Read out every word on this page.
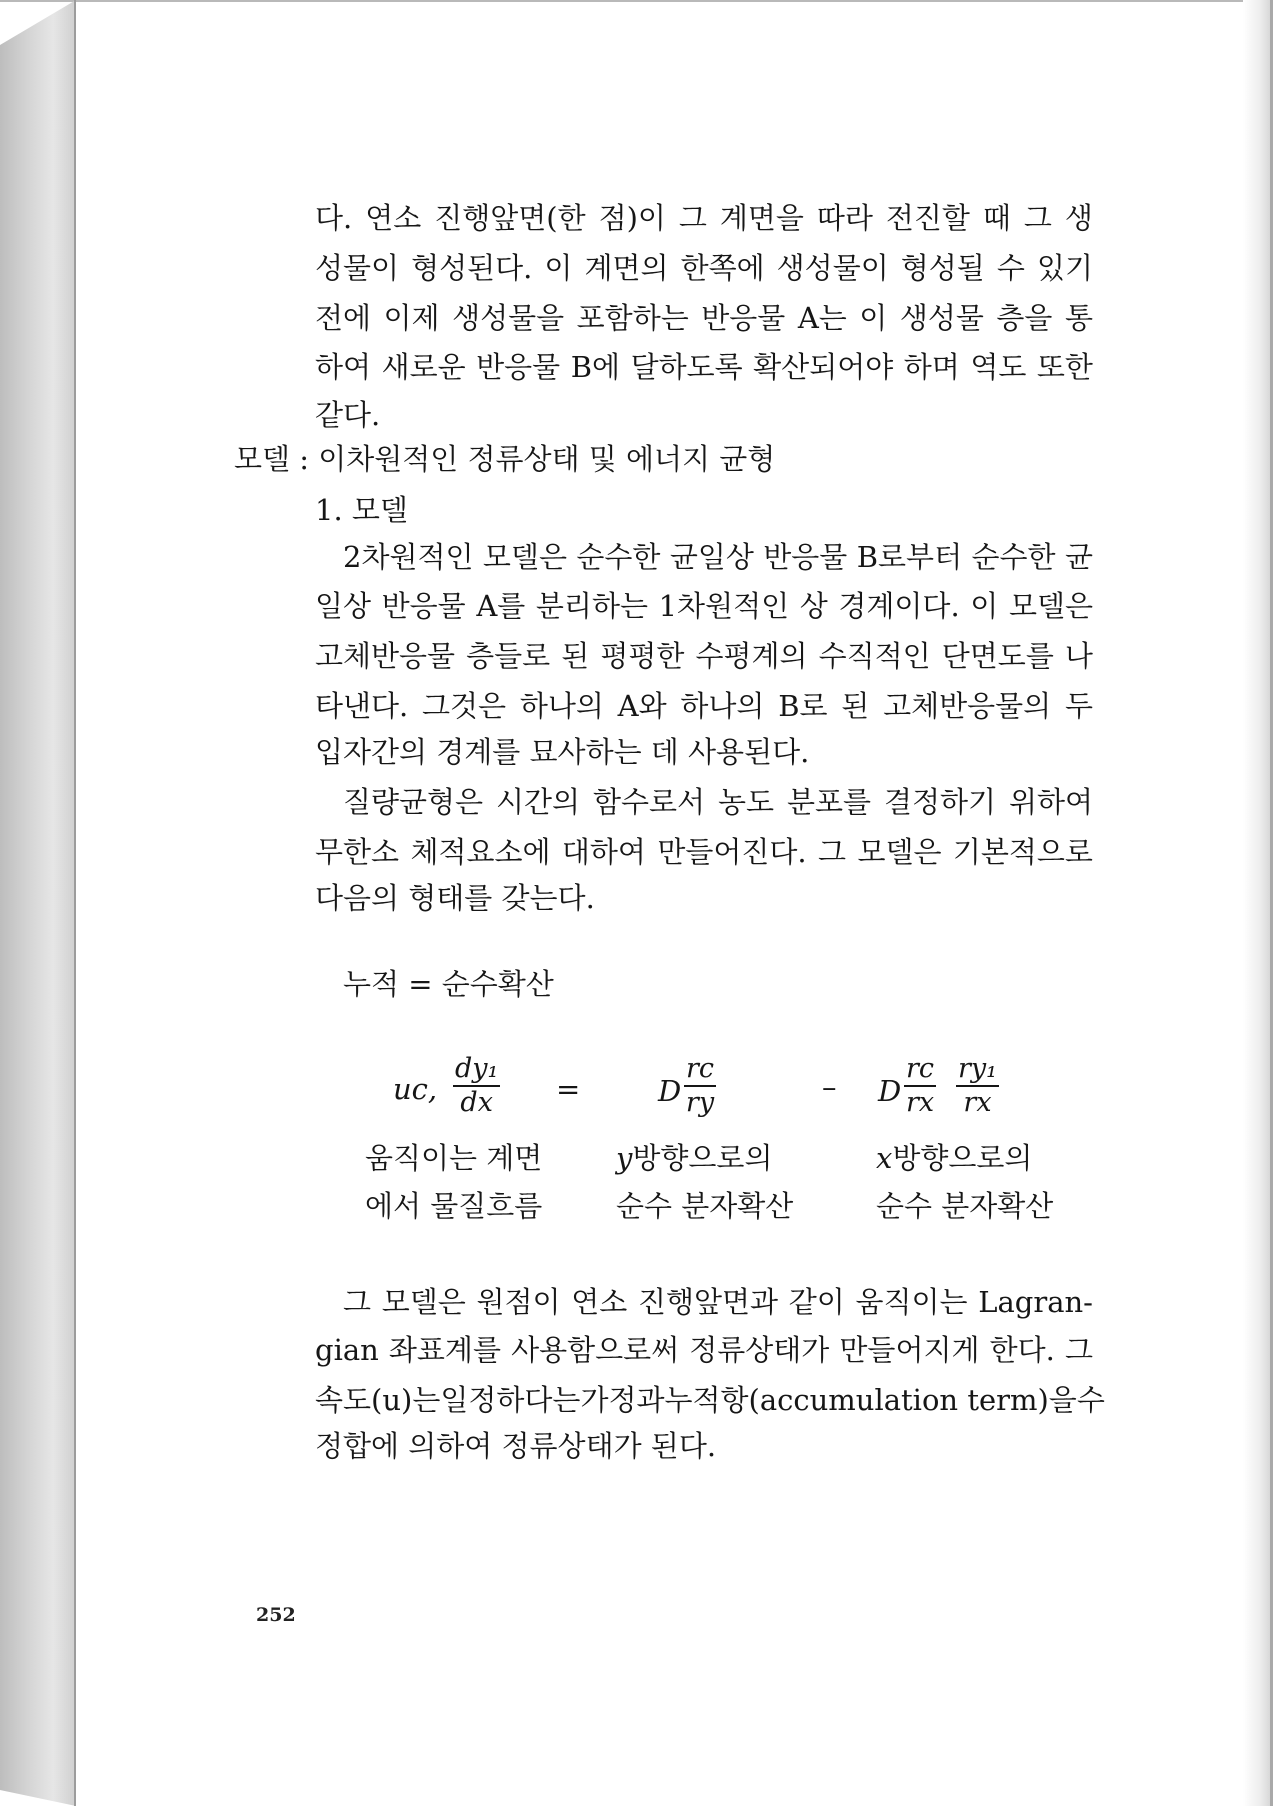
다. 연소 진행앞면(한 점)이 그 계면을 따라 전진할 때 그 생
성물이 형성된다. 이 계면의 한쪽에 생성물이 형성될 수 있기
전에 이제 생성물을 포함하는 반응물 A는 이 생성물 층을 통
하여 새로운 반응물 B에 달하도록 확산되어야 하며 역도 또한
같다.
모델 : 이차원적인 정류상태 및 에너지 균형
1. 모델
2차원적인 모델은 순수한 균일상 반응물 B로부터 순수한 균
일상 반응물 A를 분리하는 1차원적인 상 경계이다. 이 모델은
고체반응물 층들로 된 평평한 수평계의 수직적인 단면도를 나
타낸다. 그것은 하나의 A와 하나의 B로 된 고체반응물의 두
입자간의 경계를 묘사하는 데 사용된다.
질량균형은 시간의 함수로서 농도 분포를 결정하기 위하여
무한소 체적요소에 대하여 만들어진다. 그 모델은 기본적으로
다음의 형태를 갖는다.
누적 = 순수확산
uc, $\frac{\text{dy₁}}{dx}$ =	D $\frac{rc}{ry}$	– D $\frac{rc}{rx} \frac{\text{ry₁}}{rx}$
움직이는 계면
에서 물질흐름
y방향으로의
순수 분자확산
x방향으로의
순수 분자확산
그 모델은 원점이 연소 진행앞면과 같이 움직이는 Lagran-
gian 좌표계를 사용함으로써 정류상태가 만들어지게 한다. 그
속도(u)는 일정하다는 가정과 누적항(accumulation term)을 수
정합에 의하여 정류상태가 된다.
252
